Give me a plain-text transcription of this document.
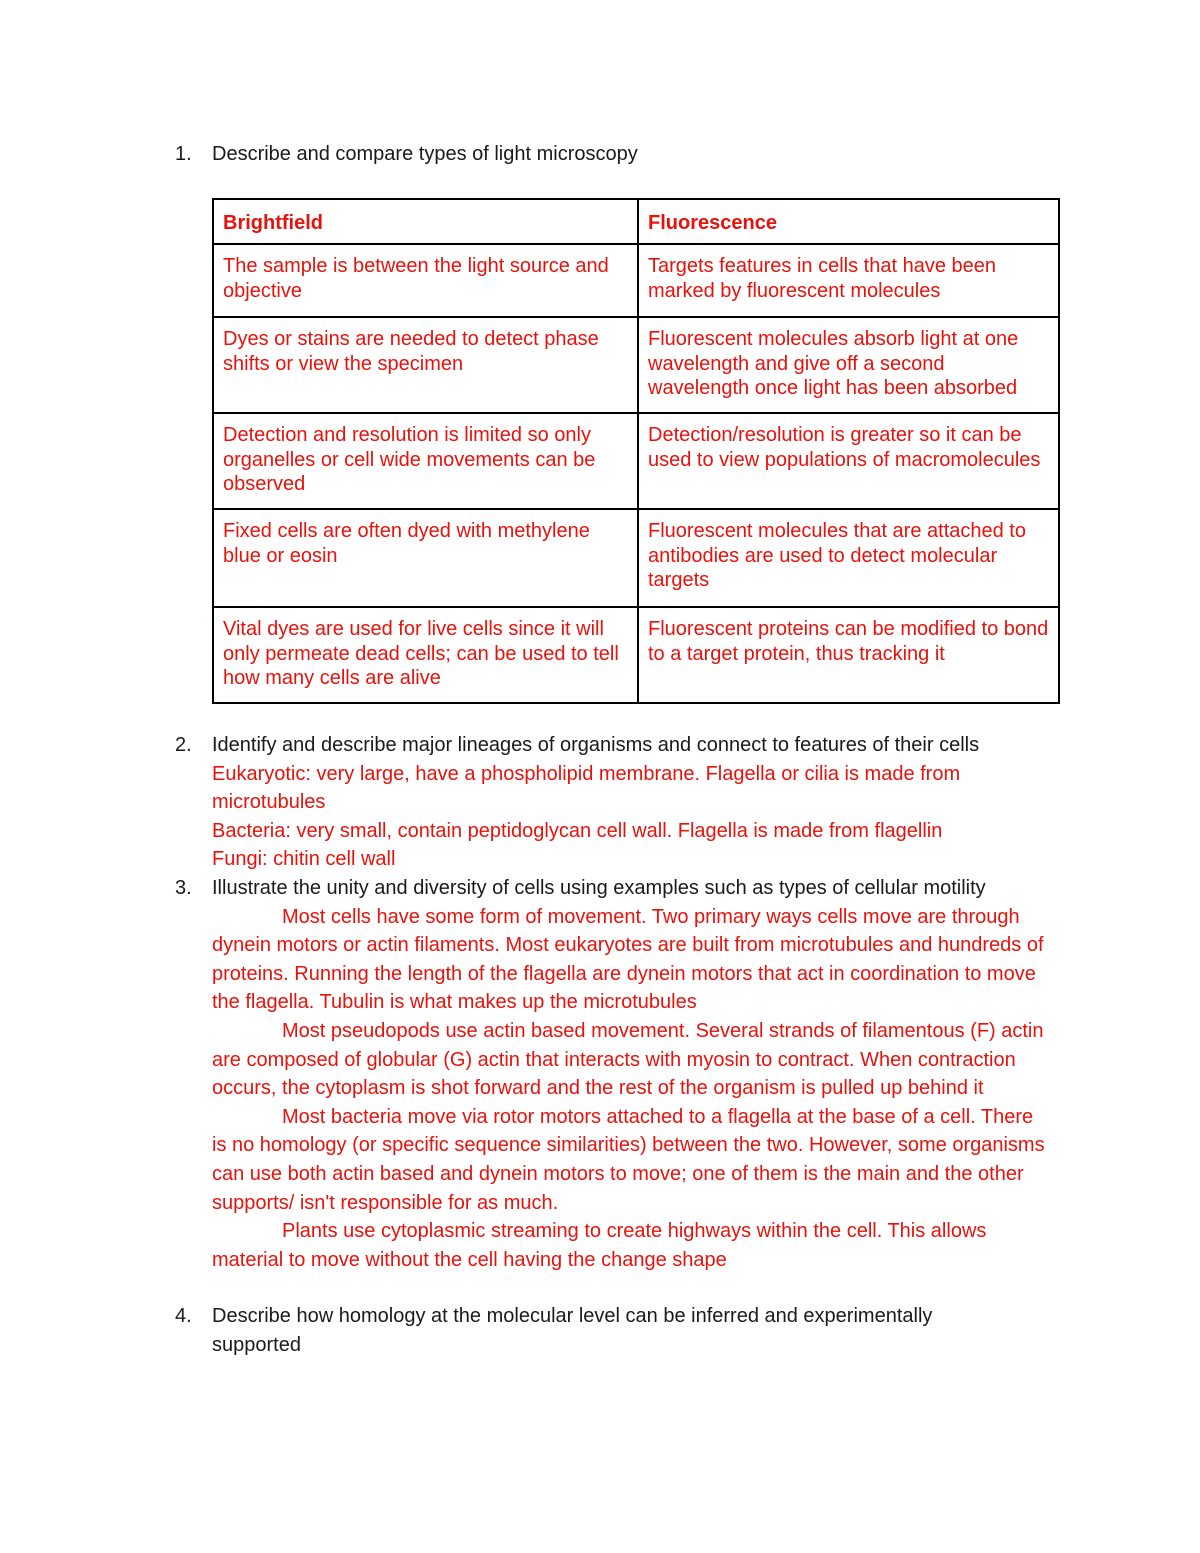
1.	Describe and compare types of light microscopy
Brightfield	Fluorescence
The sample is between the light source and objective	Targets features in cells that have been marked by fluorescent molecules
Dyes or stains are needed to detect phase shifts or view the specimen	Fluorescent molecules absorb light at one wavelength and give off a second wavelength once light has been absorbed
Detection and resolution is limited so only organelles or cell wide movements can be observed	Detection/resolution is greater so it can be used to view populations of macromolecules
Fixed cells are often dyed with methylene blue or eosin	Fluorescent molecules that are attached to antibodies are used to detect molecular targets
Vital dyes are used for live cells since it will only permeate dead cells; can be used to tell how many cells are alive	Fluorescent proteins can be modified to bond to a target protein, thus tracking it
2.	Identify and describe major lineages of organisms and connect to features of their cells
Eukaryotic: very large, have a phospholipid membrane. Flagella or cilia is made from microtubules
Bacteria: very small, contain peptidoglycan cell wall. Flagella is made from flagellin
Fungi: chitin cell wall
3.	Illustrate the unity and diversity of cells using examples such as types of cellular motility
Most cells have some form of movement. Two primary ways cells move are through dynein motors or actin filaments. Most eukaryotes are built from microtubules and hundreds of proteins. Running the length of the flagella are dynein motors that act in coordination to move the flagella. Tubulin is what makes up the microtubules
Most pseudopods use actin based movement. Several strands of filamentous (F) actin are composed of globular (G) actin that interacts with myosin to contract. When contraction occurs, the cytoplasm is shot forward and the rest of the organism is pulled up behind it
Most bacteria move via rotor motors attached to a flagella at the base of a cell. There is no homology (or specific sequence similarities) between the two. However, some organisms can use both actin based and dynein motors to move; one of them is the main and the other supports/ isn't responsible for as much.
Plants use cytoplasmic streaming to create highways within the cell. This allows material to move without the cell having the change shape
4.	Describe how homology at the molecular level can be inferred and experimentally supported
